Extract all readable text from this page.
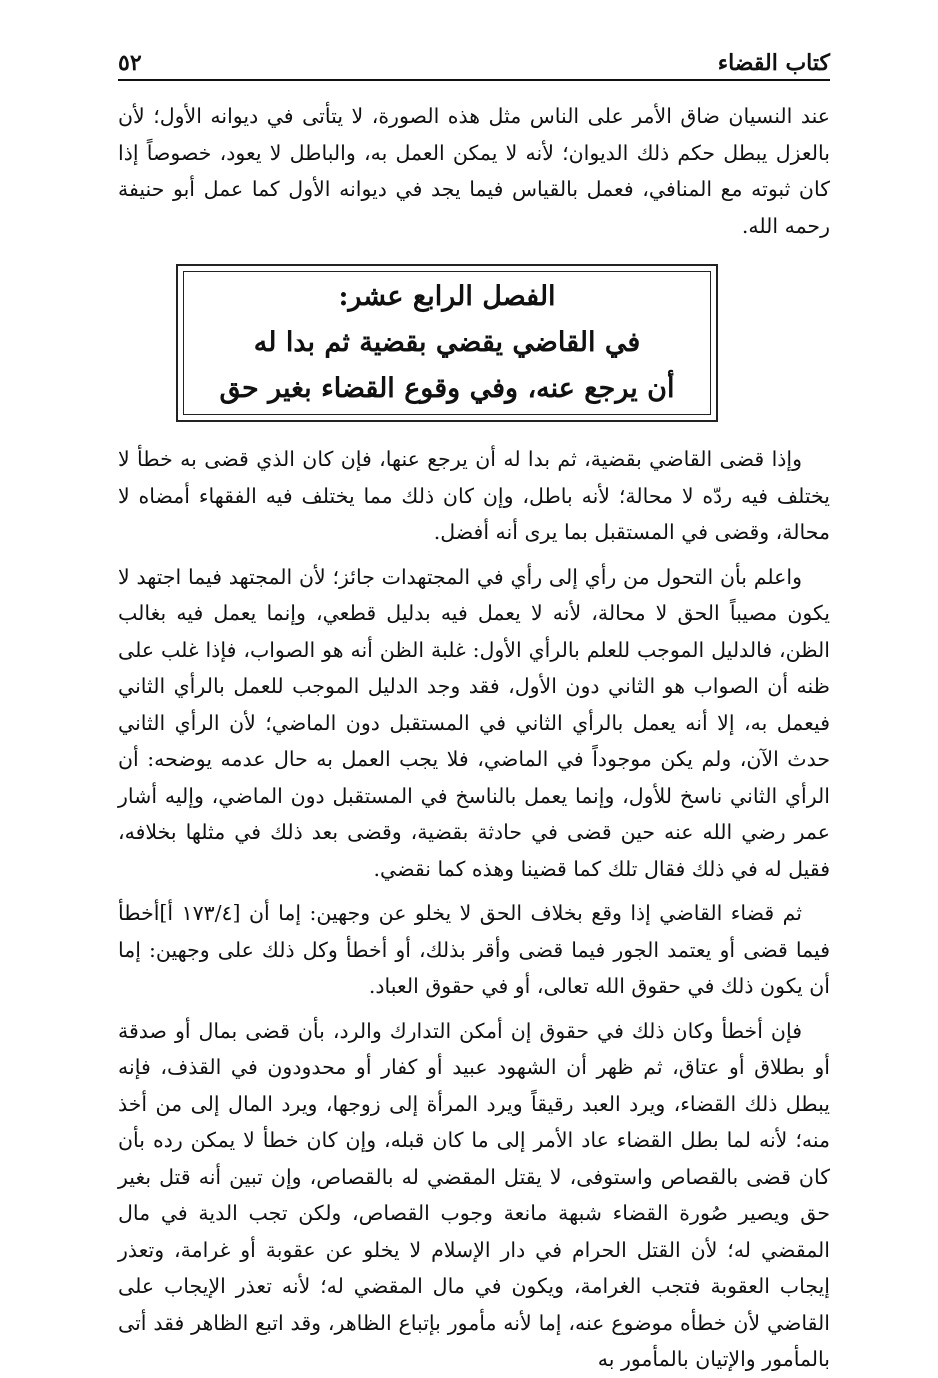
كتاب القضاء
٥٢

عند النسيان ضاق الأمر على الناس مثل هذه الصورة، لا يتأتى في ديوانه الأول؛ لأن بالعزل يبطل حكم ذلك الديوان؛ لأنه لا يمكن العمل به، والباطل لا يعود، خصوصاً إذا كان ثبوته مع المنافي، فعمل بالقياس فيما يجد في ديوانه الأول كما عمل أبو حنيفة رحمه الله.

الفصل الرابع عشر:
في القاضي يقضي بقضية ثم بدا له
أن يرجع عنه، وفي وقوع القضاء بغير حق

وإذا قضى القاضي بقضية، ثم بدا له أن يرجع عنها، فإن كان الذي قضى به خطأ لا يختلف فيه ردّه لا محالة؛ لأنه باطل، وإن كان ذلك مما يختلف فيه الفقهاء أمضاه لا محالة، وقضى في المستقبل بما يرى أنه أفضل.

واعلم بأن التحول من رأي إلى رأي في المجتهدات جائز؛ لأن المجتهد فيما اجتهد لا يكون مصيباً الحق لا محالة، لأنه لا يعمل فيه بدليل قطعي، وإنما يعمل فيه بغالب الظن، فالدليل الموجب للعلم بالرأي الأول: غلبة الظن أنه هو الصواب، فإذا غلب على ظنه أن الصواب هو الثاني دون الأول، فقد وجد الدليل الموجب للعمل بالرأي الثاني فيعمل به، إلا أنه يعمل بالرأي الثاني في المستقبل دون الماضي؛ لأن الرأي الثاني حدث الآن، ولم يكن موجوداً في الماضي، فلا يجب العمل به حال عدمه يوضحه: أن الرأي الثاني ناسخ للأول، وإنما يعمل بالناسخ في المستقبل دون الماضي، وإليه أشار عمر رضي الله عنه حين قضى في حادثة بقضية، وقضى بعد ذلك في مثلها بخلافه، فقيل له في ذلك فقال تلك كما قضينا وهذه كما نقضي.

ثم قضاء القاضي إذا وقع بخلاف الحق لا يخلو عن وجهين: إما أن [١٧٣/٤ أ]أخطأ فيما قضى أو يعتمد الجور فيما قضى وأقر بذلك، أو أخطأ وكل ذلك على وجهين: إما أن يكون ذلك في حقوق الله تعالى، أو في حقوق العباد.

فإن أخطأ وكان ذلك في حقوق إن أمكن التدارك والرد، بأن قضى بمال أو صدقة أو بطلاق أو عتاق، ثم ظهر أن الشهود عبيد أو كفار أو محدودون في القذف، فإنه يبطل ذلك القضاء، ويرد العبد رقيقاً ويرد المرأة إلى زوجها، ويرد المال إلى من أخذ منه؛ لأنه لما بطل القضاء عاد الأمر إلى ما كان قبله، وإن كان خطأ لا يمكن رده بأن كان قضى بالقصاص واستوفى، لا يقتل المقضي له بالقصاص، وإن تبين أنه قتل بغير حق ويصير صُورة القضاء شبهة مانعة وجوب القصاص، ولكن تجب الدية في مال المقضي له؛ لأن القتل الحرام في دار الإسلام لا يخلو عن عقوبة أو غرامة، وتعذر إيجاب العقوبة فتجب الغرامة، ويكون في مال المقضي له؛ لأنه تعذر الإيجاب على القاضي لأن خطأه موضوع عنه، إما لأنه مأمور بإتباع الظاهر، وقد اتبع الظاهر فقد أتى بالمأمور والإتيان بالمأمور به
